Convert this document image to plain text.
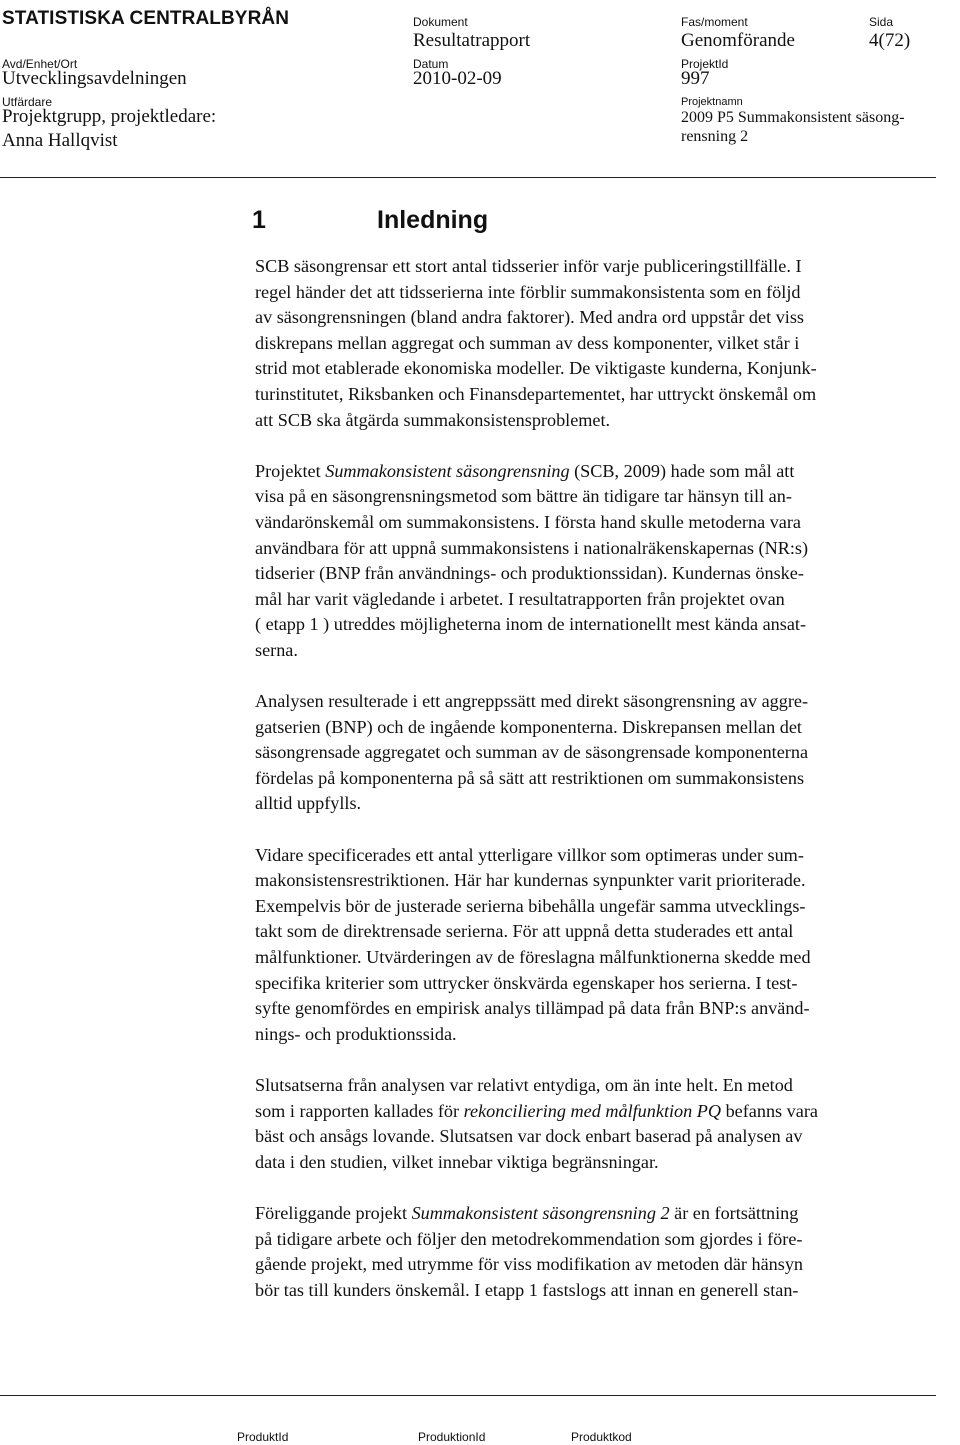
STATISTISKA CENTRALBYRÅN
Avd/Enhet/Ort
Utvecklingsavdelningen
Utfärdare
Projektgrupp, projektledare:
Anna Hallqvist
Dokument
Resultatrapport
Datum
2010-02-09
Fas/moment
Genomförande
Sida
4(72)
ProjektId
997
Projektnamn
2009 P5 Summakonsistent säsong-
rensning 2
1	Inledning

SCB säsongrensar ett stort antal tidsserier inför varje publiceringstillfälle. I
regel händer det att tidsserierna inte förblir summakonsistenta som en följd
av säsongrensningen (bland andra faktorer). Med andra ord uppstår det viss
diskrepans mellan aggregat och summan av dess komponenter, vilket står i
strid mot etablerade ekonomiska modeller. De viktigaste kunderna, Konjunk-
turinstitutet, Riksbanken och Finansdepartementet, har uttryckt önskemål om
att SCB ska åtgärda summakonsistensproblemet.

Projektet Summakonsistent säsongrensning (SCB, 2009) hade som mål att
visa på en säsongrensningsmetod som bättre än tidigare tar hänsyn till an-
vändarönskemål om summakonsistens. I första hand skulle metoderna vara
användbara för att uppnå summakonsistens i nationalräkenskapernas (NR:s)
tidserier (BNP från användnings- och produktionssidan). Kundernas önske-
mål har varit vägledande i arbetet. I resultatrapporten från projektet ovan
( etapp 1 ) utreddes möjligheterna inom de internationellt mest kända ansat-
serna.

Analysen resulterade i ett angreppssätt med direkt säsongrensning av aggre-
gatserien (BNP) och de ingående komponenterna. Diskrepansen mellan det
säsongrensade aggregatet och summan av de säsongrensade komponenterna
fördelas på komponenterna på så sätt att restriktionen om summakonsistens
alltid uppfylls.

Vidare specificerades ett antal ytterligare villkor som optimeras under sum-
makonsistensrestriktionen. Här har kundernas synpunkter varit prioriterade.
Exempelvis bör de justerade serierna bibehålla ungefär samma utvecklings-
takt som de direktrensade serierna. För att uppnå detta studerades ett antal
målfunktioner. Utvärderingen av de föreslagna målfunktionerna skedde med
specifika kriterier som uttrycker önskvärda egenskaper hos serierna. I test-
syfte genomfördes en empirisk analys tillämpad på data från BNP:s använd-
nings- och produktionssida.

Slutsatserna från analysen var relativt entydiga, om än inte helt. En metod
som i rapporten kallades för rekonciliering med målfunktion PQ befanns vara
bäst och ansågs lovande. Slutsatsen var dock enbart baserad på analysen av
data i den studien, vilket innebar viktiga begränsningar.

Föreliggande projekt Summakonsistent säsongrensning 2 är en fortsättning
på tidigare arbete och följer den metodrekommendation som gjordes i före-
gående projekt, med utrymme för viss modifikation av metoden där hänsyn
bör tas till kunders önskemål. I etapp 1 fastslogs att innan en generell stan-

ProduktId	ProduktionId	Produktkod
